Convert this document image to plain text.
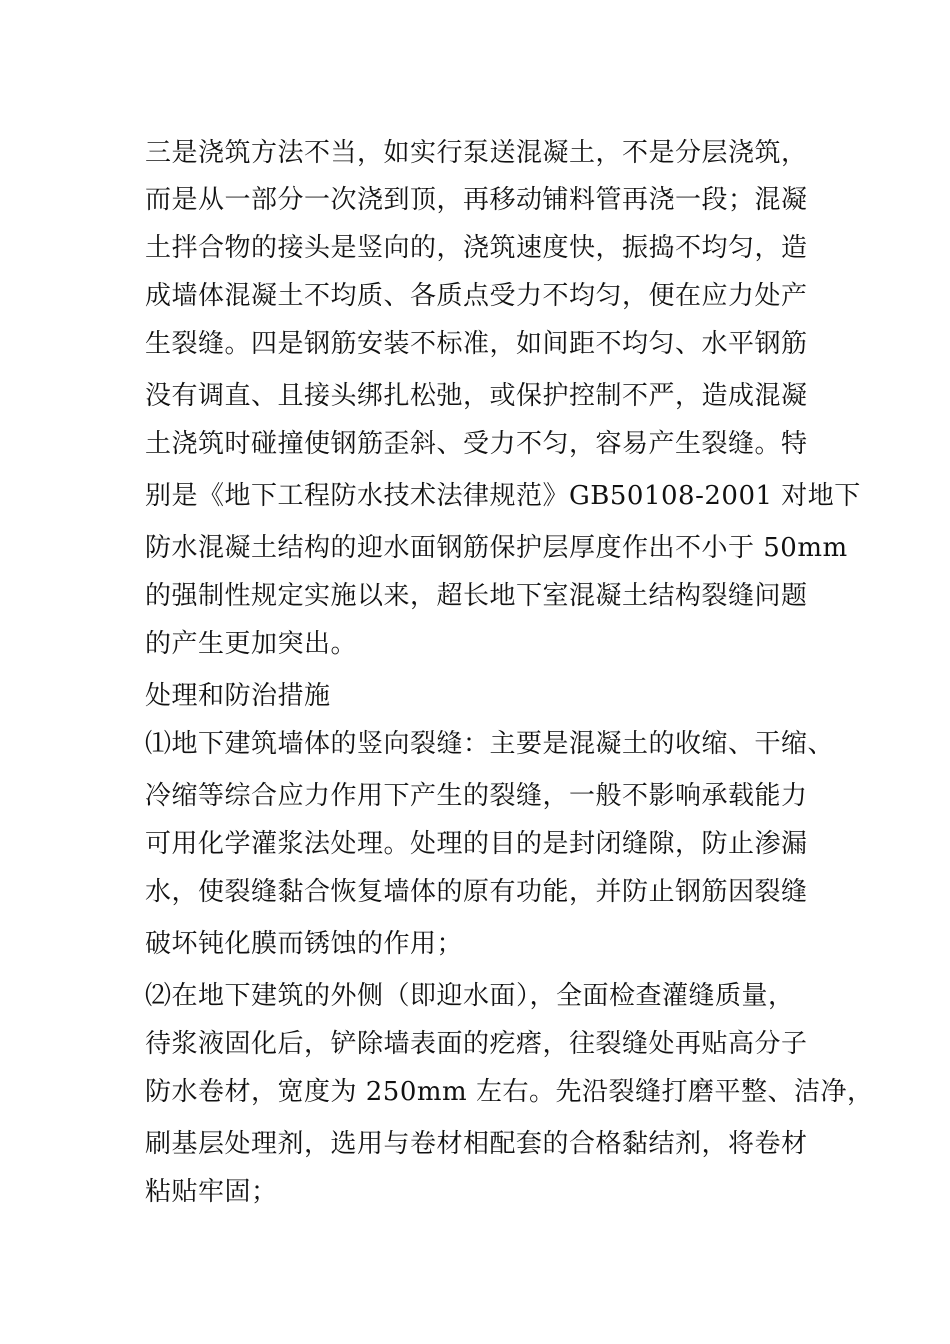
三是浇筑方法不当，如实行泵送混凝土，不是分层浇筑，
而是从一部分一次浇到顶，再移动铺料管再浇一段；混凝
土拌合物的接头是竖向的，浇筑速度快，振捣不均匀，造
成墙体混凝土不均质、各质点受力不均匀，便在应力处产
生裂缝。四是钢筋安装不标准，如间距不均匀、水平钢筋
没有调直、且接头绑扎松弛，或保护控制不严，造成混凝
土浇筑时碰撞使钢筋歪斜、受力不匀，容易产生裂缝。特
别是《地下工程防水技术法律规范》GB50108-2001 对地下
防水混凝土结构的迎水面钢筋保护层厚度作出不小于 50mm
的强制性规定实施以来，超长地下室混凝土结构裂缝问题
的产生更加突出。
处理和防治措施
⑴地下建筑墙体的竖向裂缝：主要是混凝土的收缩、干缩、
冷缩等综合应力作用下产生的裂缝，一般不影响承载能力
可用化学灌浆法处理。处理的目的是封闭缝隙，防止渗漏
水，使裂缝黏合恢复墙体的原有功能，并防止钢筋因裂缝
破坏钝化膜而锈蚀的作用；
⑵在地下建筑的外侧（即迎水面），全面检查灌缝质量，
待浆液固化后，铲除墙表面的疙瘩，往裂缝处再贴高分子
防水卷材，宽度为 250mm 左右。先沿裂缝打磨平整、洁净，
刷基层处理剂，选用与卷材相配套的合格黏结剂，将卷材
粘贴牢固；
